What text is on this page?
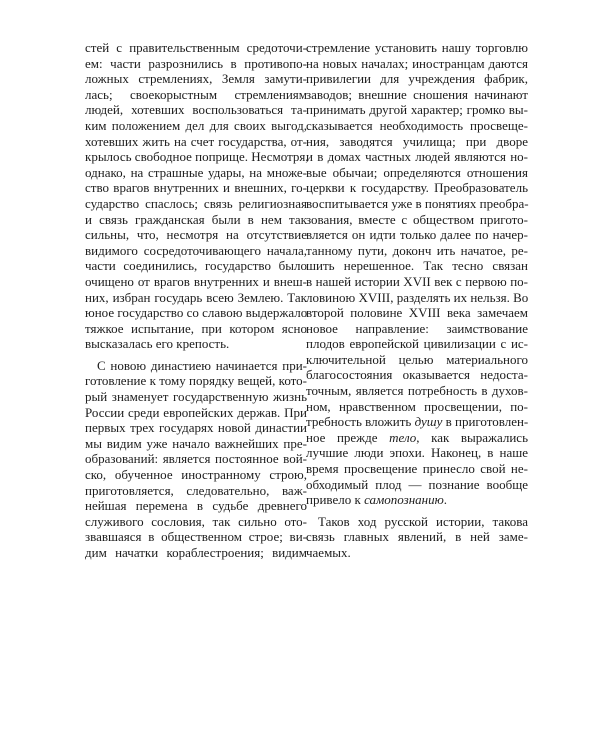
стей с правительственным средоточи-
ем: части разрознились в противопо-
ложных стремлениях, Земля замути-
лась; своекорыстным стремлениям
людей, хотевших воспользоваться та-
ким положением дел для своих выгод,
хотевших жить на счет государства, от-
крылось свободное поприще. Несмотря,
однако, на страшные удары, на множе-
ство врагов внутренних и внешних, го-
сударство спаслось; связь религиозная
и связь гражданская были в нем так
сильны, что, несмотря на отсутствие
видимого сосредоточивающего начала,
части соединились, государство было
очищено от врагов внутренних и внеш-
них, избран государь всею Землею. Так
юное государство со славою выдержало
тяжкое испытание, при котором ясно
высказалась его крепость.
С новою династиею начинается при-
готовление к тому порядку вещей, кото-
рый знаменует государственную жизнь
России среди европейских держав. При
первых трех государях новой династии
мы видим уже начало важнейших пре-
образований: является постоянное вой-
ско, обученное иностранному строю,
приготовляется, следовательно, важ-
нейшая перемена в судьбе древнего
служивого сословия, так сильно ото-
звавшаяся в общественном строе; ви-
дим начатки кораблестроения; видим
стремление установить нашу торговлю
на новых началах; иностранцам даются
привилегии для учреждения фабрик,
заводов; внешние сношения начинают
принимать другой характер; громко вы-
сказывается необходимость просвеще-
ния, заводятся училища; при дворе
и в домах частных людей являются но-
вые обычаи; определяются отношения
церкви к государству. Преобразователь
воспитывается уже в понятиях преобра-
зования, вместе с обществом пригото-
вляется он идти только далее по начер-
танному пути, доконч ить начатое, ре-
шить нерешенное. Так тесно связан
в нашей истории XVII век с первою по-
ловиною XVIII, разделять их нельзя. Во
второй половине XVIII века замечаем
новое направление: заимствование
плодов европейской цивилизации с ис-
ключительной целью материального
благосостояния оказывается недоста-
точным, является потребность в духов-
ном, нравственном просвещении, по-
требность вложить душу в приготовлен-
ное прежде тело, как выражались
лучшие люди эпохи. Наконец, в наше
время просвещение принесло свой не-
обходимый плод — познание вообще
привело к самопознанию.
Таков ход русской истории, такова
связь главных явлений, в ней заме-
чаемых.
